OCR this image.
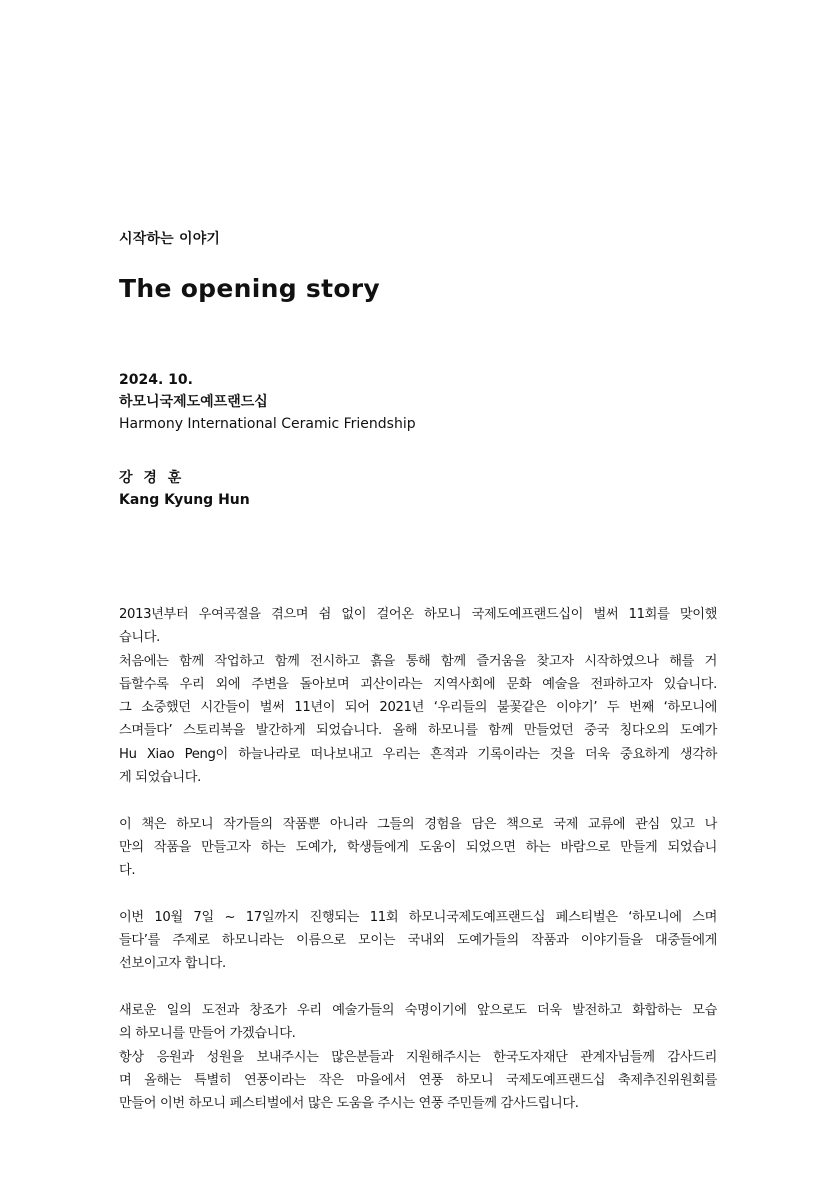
시작하는 이야기
The opening story
2024. 10.
하모니국제도예프랜드십
Harmony International Ceramic Friendship
강 경 훈
Kang Kyung Hun
2013년부터 우여곡절을 겪으며 쉼 없이 걸어온 하모니 국제도예프랜드십이 벌써 11회를 맞이했
습니다.
처음에는 함께 작업하고 함께 전시하고 흙을 통해 함께 즐거움을 찾고자 시작하였으나 해를 거
듭할수록 우리 외에 주변을 돌아보며 괴산이라는 지역사회에 문화 예술을 전파하고자 있습니다.
그 소중했던 시간들이 벌써 11년이 되어 2021년 ‘우리들의 불꽃같은 이야기’ 두 번째 ‘하모니에
스며들다’ 스토리북을 발간하게 되었습니다. 올해 하모니를 함께 만들었던 중국 칭다오의 도예가
Hu Xiao Peng이 하늘나라로 떠나보내고 우리는 흔적과 기록이라는 것을 더욱 중요하게 생각하
게 되었습니다.
이 책은 하모니 작가들의 작품뿐 아니라 그들의 경험을 담은 책으로 국제 교류에 관심 있고 나
만의 작품을 만들고자 하는 도예가, 학생들에게 도움이 되었으면 하는 바람으로 만들게 되었습니
다.
이번 10월 7일 ~ 17일까지 진행되는 11회 하모니국제도예프랜드십 페스티벌은 ‘하모니에 스며
들다’를 주제로 하모니라는 이름으로 모이는 국내외 도예가들의 작품과 이야기들을 대중들에게
선보이고자 합니다.
새로운 일의 도전과 창조가 우리 예술가들의 숙명이기에 앞으로도 더욱 발전하고 화합하는 모습
의 하모니를 만들어 가겠습니다.
항상 응원과 성원을 보내주시는 많은분들과 지원해주시는 한국도자재단 관계자님들께 감사드리
며 올해는 특별히 연풍이라는 작은 마을에서 연풍 하모니 국제도예프랜드십 축제추진위원회를
만들어 이번 하모니 페스티벌에서 많은 도움을 주시는 연풍 주민들께 감사드립니다.
